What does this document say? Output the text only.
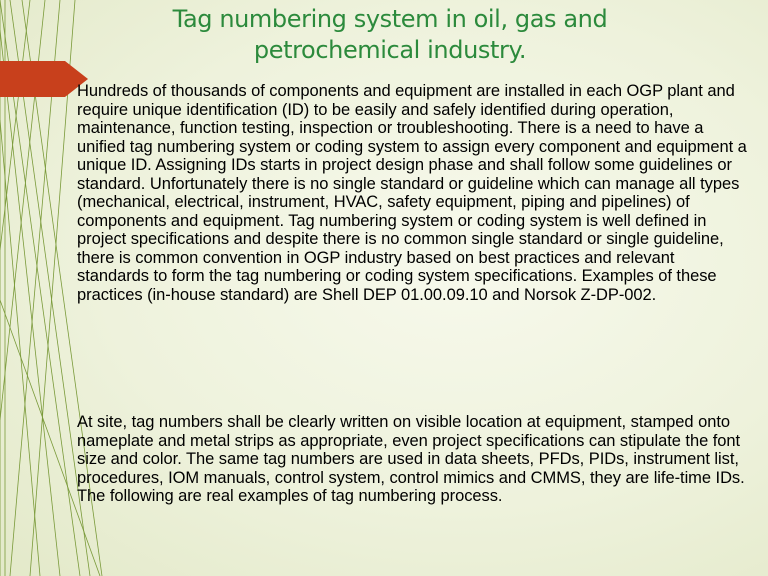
Tag numbering system in oil, gas and petrochemical industry.

Hundreds of thousands of components and equipment are installed in each OGP plant and require unique identification (ID) to be easily and safely identified during operation, maintenance, function testing, inspection or troubleshooting. There is a need to have a unified tag numbering system or coding system to assign every component and equipment a unique ID. Assigning IDs starts in project design phase and shall follow some guidelines or standard. Unfortunately there is no single standard or guideline which can manage all types (mechanical, electrical, instrument, HVAC, safety equipment, piping and pipelines) of components and equipment. Tag numbering system or coding system is well defined in project specifications and despite there is no common single standard or single guideline, there is common convention in OGP industry based on best practices and relevant standards to form the tag numbering or coding system specifications. Examples of these practices (in-house standard) are Shell DEP 01.00.09.10 and Norsok Z-DP-002.

At site, tag numbers shall be clearly written on visible location at equipment, stamped onto nameplate and metal strips as appropriate, even project specifications can stipulate the font size and color. The same tag numbers are used in data sheets, PFDs, PIDs, instrument list, procedures, IOM manuals, control system, control mimics and CMMS, they are life-time IDs. The following are real examples of tag numbering process.
